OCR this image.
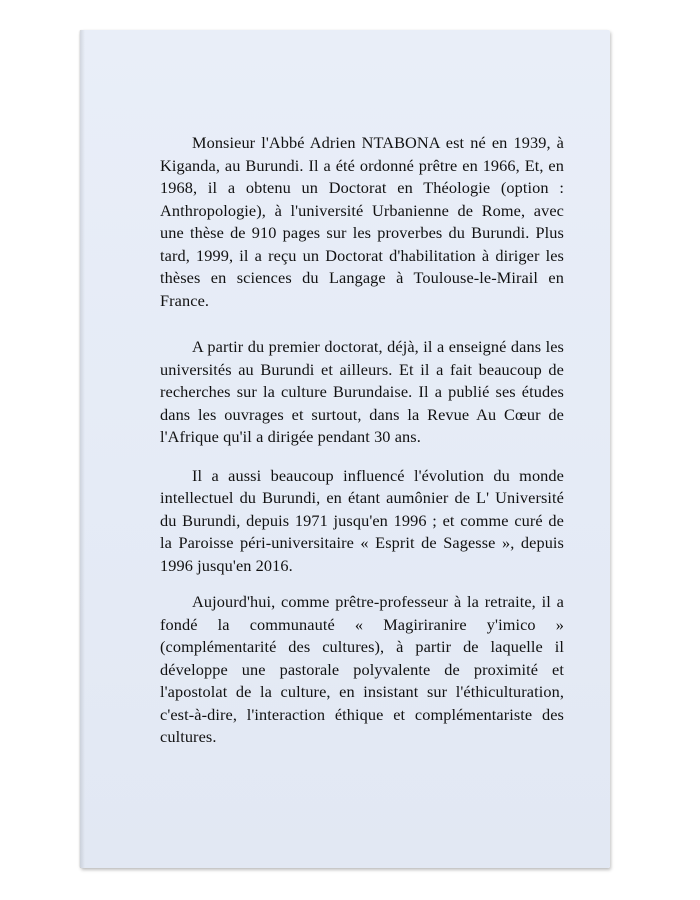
Monsieur l'Abbé Adrien NTABONA est né en 1939, à Kiganda, au Burundi. Il a été ordonné prêtre en 1966, Et, en 1968, il a obtenu un Doctorat en Théologie (option : Anthropologie), à l'université Urbanienne de Rome, avec une thèse de 910 pages sur les proverbes du Burundi. Plus tard, 1999, il a reçu un Doctorat d'habilitation à diriger les thèses en sciences du Langage à Toulouse-le-Mirail en France.

A partir du premier doctorat, déjà, il a enseigné dans les universités au Burundi et ailleurs. Et il a fait beaucoup de recherches sur la culture Burundaise. Il a publié ses études dans les ouvrages et surtout, dans la Revue Au Cœur de l'Afrique qu'il a dirigée pendant 30 ans.

Il a aussi beaucoup influencé l'évolution du monde intellectuel du Burundi, en étant aumônier de L' Université du Burundi, depuis 1971 jusqu'en 1996 ; et comme curé de la Paroisse péri-universitaire « Esprit de Sagesse », depuis 1996 jusqu'en 2016.

Aujourd'hui, comme prêtre-professeur à la retraite, il a fondé la communauté « Magiriranire y'imico » (complémentarité des cultures), à partir de laquelle il développe une pastorale polyvalente de proximité et l'apostolat de la culture, en insistant sur l'éthiculturation, c'est-à-dire, l'interaction éthique et complémentariste des cultures.
